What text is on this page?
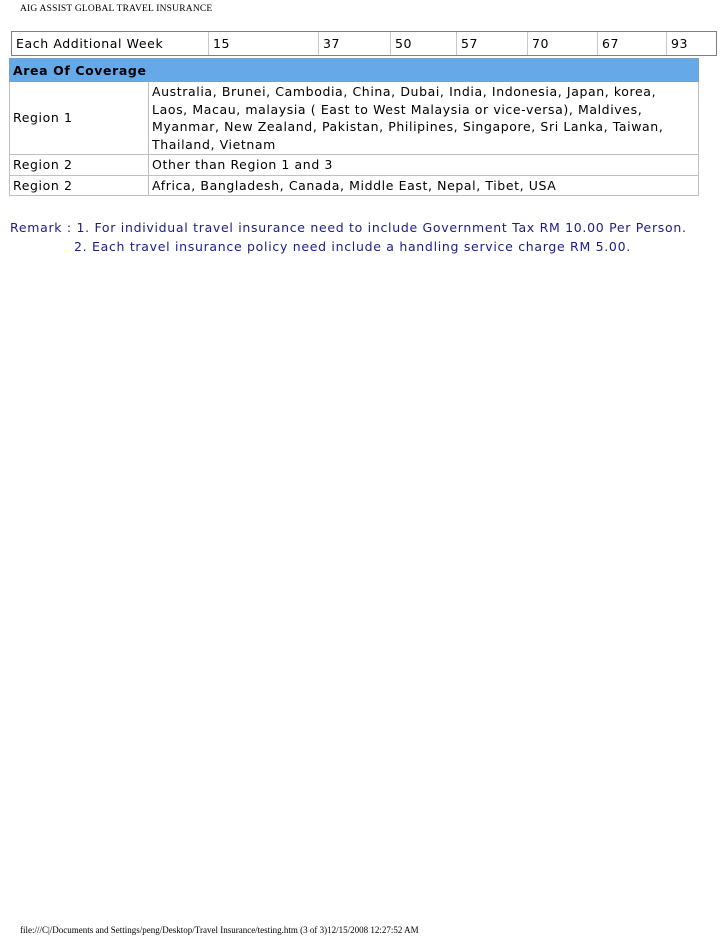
AIG ASSIST GLOBAL TRAVEL INSURANCE
Each Additional Week	15	37	50	57	70	67	93
Area Of Coverage	
Region 1	Australia, Brunei, Cambodia, China, Dubai, India, Indonesia, Japan, korea, Laos, Macau, malaysia ( East to West Malaysia or vice-versa), Maldives, Myanmar, New Zealand, Pakistan, Philipines, Singapore, Sri Lanka, Taiwan, Thailand, Vietnam
Region 2	Other than Region 1 and 3
Region 2	Africa, Bangladesh, Canada, Middle East, Nepal, Tibet, USA
Remark : 1. For individual travel insurance need to include Government Tax RM 10.00 Per Person.
2. Each travel insurance policy need include a handling service charge RM 5.00.
file:///C|/Documents and Settings/peng/Desktop/Travel Insurance/testing.htm (3 of 3)12/15/2008 12:27:52 AM
